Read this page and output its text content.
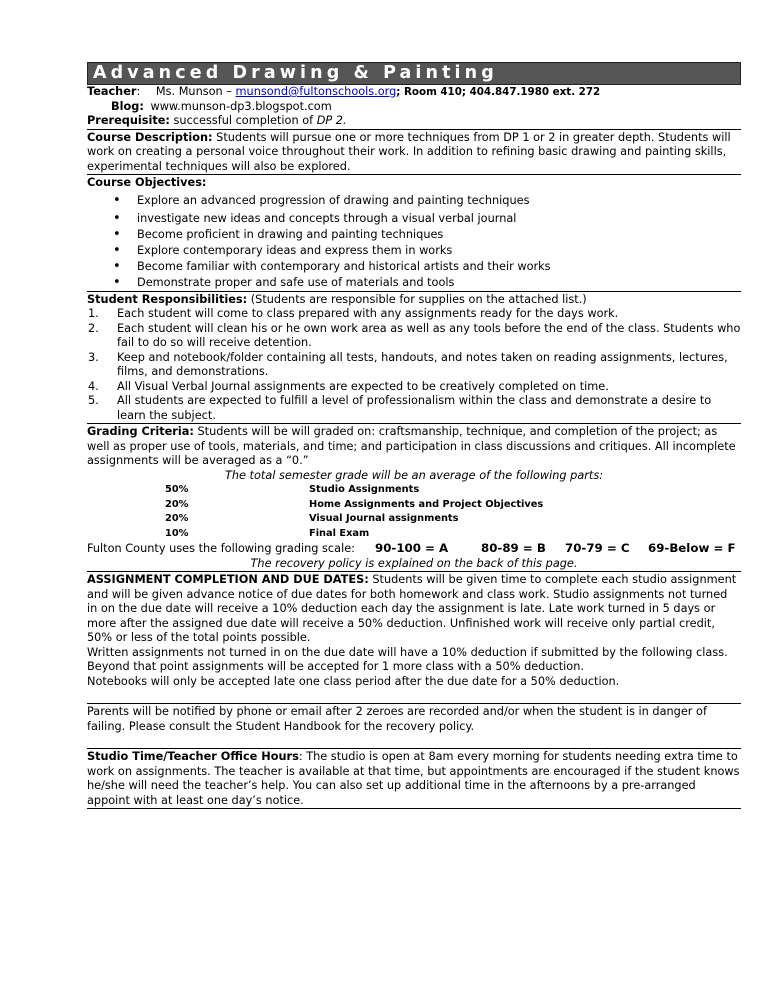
Advanced Drawing & Painting
Teacher: Ms. Munson – munsond@fultonschools.org; Room 410; 404.847.1980 ext. 272
Blog: www.munson-dp3.blogspot.com
Prerequisite: successful completion of DP 2.
Course Description: Students will pursue one or more techniques from DP 1 or 2 in greater depth. Students will work on creating a personal voice throughout their work. In addition to refining basic drawing and painting skills, experimental techniques will also be explored.
Course Objectives:
• Explore an advanced progression of drawing and painting techniques
• investigate new ideas and concepts through a visual verbal journal
• Become proficient in drawing and painting techniques
• Explore contemporary ideas and express them in works
• Become familiar with contemporary and historical artists and their works
• Demonstrate proper and safe use of materials and tools
Student Responsibilities: (Students are responsible for supplies on the attached list.)
1. Each student will come to class prepared with any assignments ready for the days work.
2. Each student will clean his or he own work area as well as any tools before the end of the class. Students who fail to do so will receive detention.
3. Keep and notebook/folder containing all tests, handouts, and notes taken on reading assignments, lectures, films, and demonstrations.
4. All Visual Verbal Journal assignments are expected to be creatively completed on time.
5. All students are expected to fulfill a level of professionalism within the class and demonstrate a desire to learn the subject.
Grading Criteria: Students will be will graded on: craftsmanship, technique, and completion of the project; as well as proper use of tools, materials, and time; and participation in class discussions and critiques. All incomplete assignments will be averaged as a “0.”
The total semester grade will be an average of the following parts:
50%	Studio Assignments
20%	Home Assignments and Project Objectives
20%	Visual Journal assignments
10%	Final Exam
Fulton County uses the following grading scale:	90-100 = A	80-89 = B	70-79 = C	69-Below = F
The recovery policy is explained on the back of this page.
ASSIGNMENT COMPLETION AND DUE DATES: Students will be given time to complete each studio assignment and will be given advance notice of due dates for both homework and class work. Studio assignments not turned in on the due date will receive a 10% deduction each day the assignment is late. Late work turned in 5 days or more after the assigned due date will receive a 50% deduction. Unfinished work will receive only partial credit, 50% or less of the total points possible.
Written assignments not turned in on the due date will have a 10% deduction if submitted by the following class. Beyond that point assignments will be accepted for 1 more class with a 50% deduction.
Notebooks will only be accepted late one class period after the due date for a 50% deduction.
Parents will be notified by phone or email after 2 zeroes are recorded and/or when the student is in danger of failing. Please consult the Student Handbook for the recovery policy.
Studio Time/Teacher Office Hours: The studio is open at 8am every morning for students needing extra time to work on assignments. The teacher is available at that time, but appointments are encouraged if the student knows he/she will need the teacher’s help. You can also set up additional time in the afternoons by a pre-arranged appoint with at least one day’s notice.
